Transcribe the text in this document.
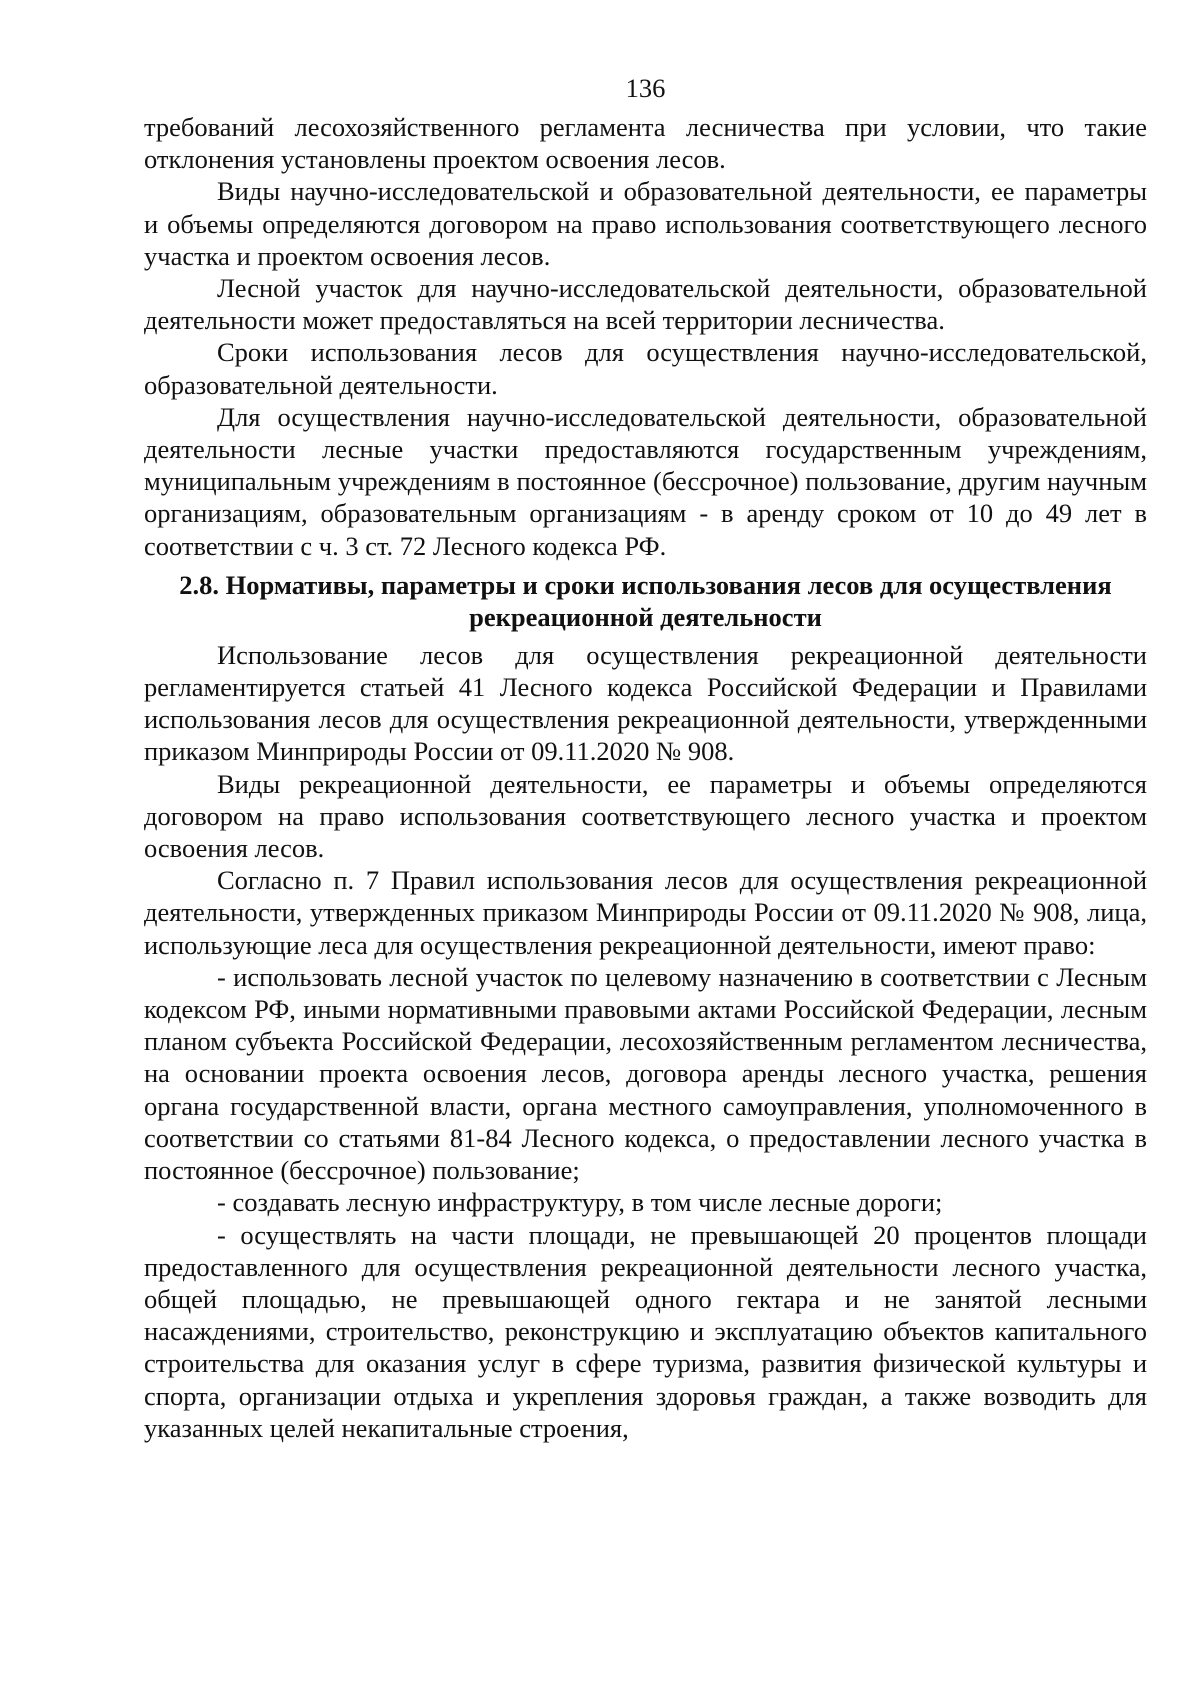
136

требований лесохозяйственного регламента лесничества при условии, что такие отклонения установлены проектом освоения лесов.

Виды научно-исследовательской и образовательной деятельности, ее параметры и объемы определяются договором на право использования соответствующего лесного участка и проектом освоения лесов.

Лесной участок для научно-исследовательской деятельности, образовательной деятельности может предоставляться на всей территории лесничества.

Сроки использования лесов для осуществления научно-исследовательской, образовательной деятельности.

Для осуществления научно-исследовательской деятельности, образовательной деятельности лесные участки предоставляются государственным учреждениям, муниципальным учреждениям в постоянное (бессрочное) пользование, другим научным организациям, образовательным организациям - в аренду сроком от 10 до 49 лет в соответствии с ч. 3 ст. 72 Лесного кодекса РФ.

2.8. Нормативы, параметры и сроки использования лесов для осуществления рекреационной деятельности

Использование лесов для осуществления рекреационной деятельности регламентируется статьей 41 Лесного кодекса Российской Федерации и Правилами использования лесов для осуществления рекреационной деятельности, утвержденными приказом Минприроды России от 09.11.2020 № 908.

Виды рекреационной деятельности, ее параметры и объемы определяются договором на право использования соответствующего лесного участка и проектом освоения лесов.

Согласно п. 7 Правил использования лесов для осуществления рекреационной деятельности, утвержденных приказом Минприроды России от 09.11.2020 № 908, лица, использующие леса для осуществления рекреационной деятельности, имеют право:

- использовать лесной участок по целевому назначению в соответствии с Лесным кодексом РФ, иными нормативными правовыми актами Российской Федерации, лесным планом субъекта Российской Федерации, лесохозяйственным регламентом лесничества, на основании проекта освоения лесов, договора аренды лесного участка, решения органа государственной власти, органа местного самоуправления, уполномоченного в соответствии со статьями 81-84 Лесного кодекса, о предоставлении лесного участка в постоянное (бессрочное) пользование;

- создавать лесную инфраструктуру, в том числе лесные дороги;

- осуществлять на части площади, не превышающей 20 процентов площади предоставленного для осуществления рекреационной деятельности лесного участка, общей площадью, не превышающей одного гектара и не занятой лесными насаждениями, строительство, реконструкцию и эксплуатацию объектов капитального строительства для оказания услуг в сфере туризма, развития физической культуры и спорта, организации отдыха и укрепления здоровья граждан, а также возводить для указанных целей некапитальные строения,
